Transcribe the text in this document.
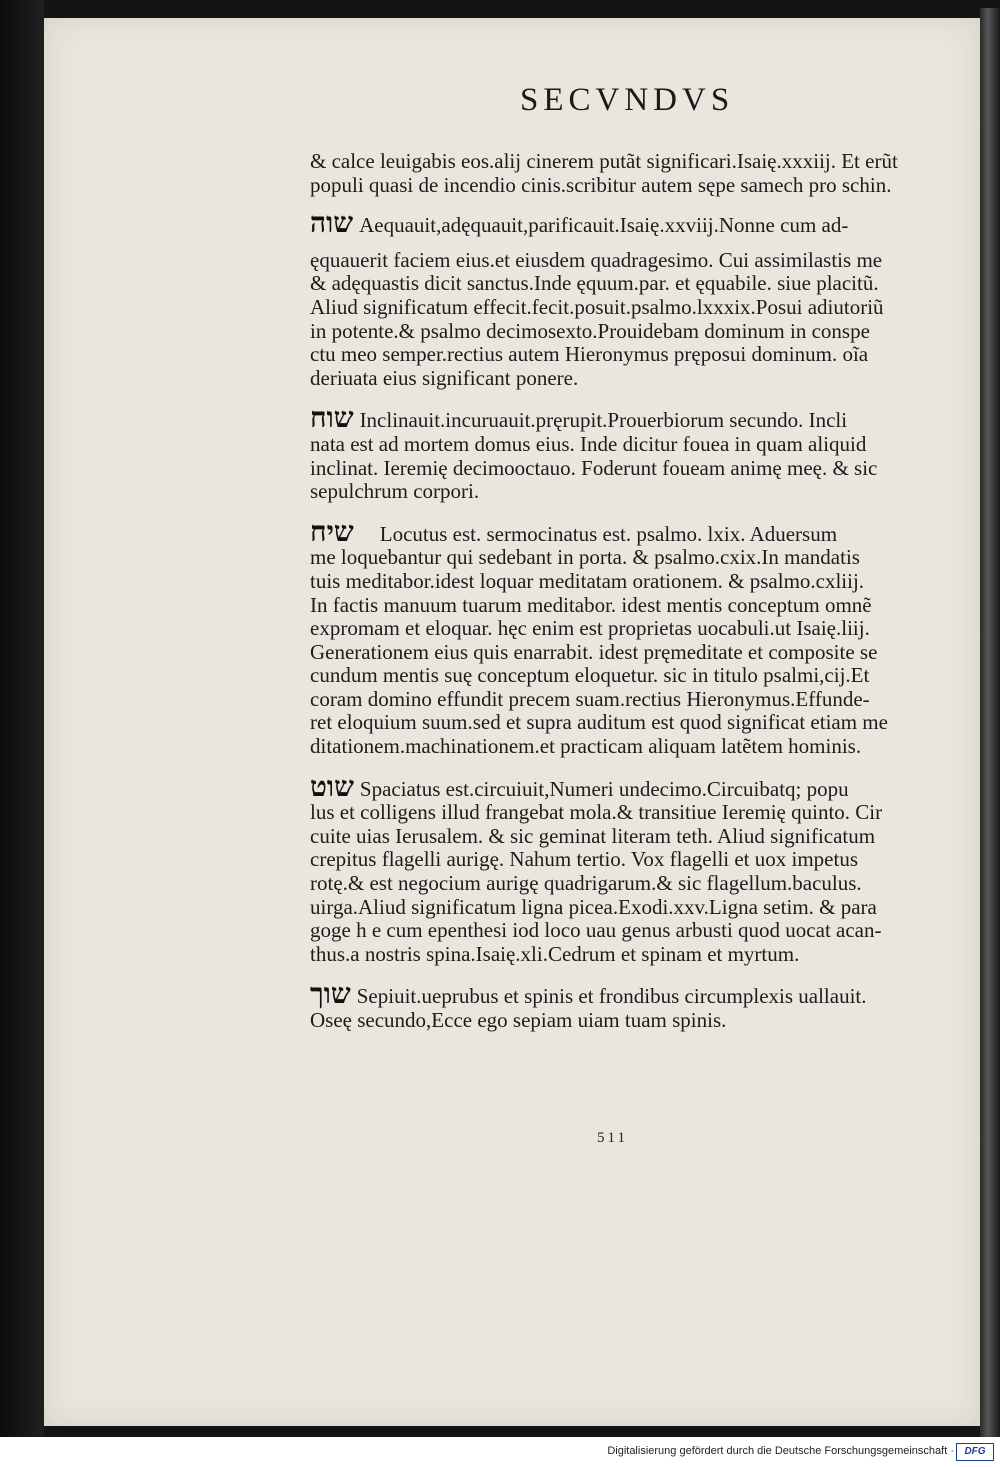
SECVNDVS
& calce leuigabis eos.alij cinerem putãt significari.Isaię.xxxiij. Et erũt
populi quasi de incendio cinis.scribitur autem sępe samech pro schin.
שוה Aequauit,adęquauit,parificauit.Isaię.xxviij.Nonne cum ad-
ęquauerit faciem eius.et eiusdem quadragesimo. Cui assimilastis me
& adęquastis dicit sanctus.Inde ęquum.par. et ęquabile. siue placitũ.
Aliud significatum effecit.fecit.posuit.psalmo.lxxxix.Posui adiutoriũ
in potente.& psalmo decimosexto.Prouidebam dominum in conspe
ctu meo semper.rectius autem Hieronymus pręposui dominum. oĩa
deriuata eius significant ponere.
שוח Inclinauit.incuruauit.pręrupit.Prouerbiorum secundo. Incli
nata est ad mortem domus eius. Inde dicitur fouea in quam aliquid
inclinat. Ieremię decimooctauo. Foderunt foueam animę meę. & sic
sepulchrum corpori.
שיח Locutus est. sermocinatus est. psalmo. lxix. Aduersum
me loquebantur qui sedebant in porta. & psalmo.cxix.In mandatis
tuis meditabor.idest loquar meditatam orationem. & psalmo.cxliij.
In factis manuum tuarum meditabor. idest mentis conceptum omnẽ
expromam et eloquar. hęc enim est proprietas uocabuli.ut Isaię.liij.
Generationem eius quis enarrabit. idest pręmeditate et composite se
cundum mentis suę conceptum eloquetur. sic in titulo psalmi,cij.Et
coram domino effundit precem suam.rectius Hieronymus.Effunde-
ret eloquium suum.sed et supra auditum est quod significat etiam me
ditationem.machinationem.et practicam aliquam latẽtem hominis.
שוט Spaciatus est.circuiuit,Numeri undecimo.Circuibatq; popu
lus et colligens illud frangebat mola.& transitiue Ieremię quinto. Cir
cuite uias Ierusalem. & sic geminat literam teth. Aliud significatum
crepitus flagelli aurigę. Nahum tertio. Vox flagelli et uox impetus
rotę.& est negocium aurigę quadrigarum.& sic flagellum.baculus.
uirga.Aliud significatum ligna picea.Exodi.xxv.Ligna setim. & para
goge h e cum epenthesi iod loco uau genus arbusti quod uocat acan-
thus.a nostris spina.Isaię.xli.Cedrum et spinam et myrtum.
שוך Sepiuit.ueprubus et spinis et frondibus circumplexis uallauit.
Oseę secundo,Ecce ego sepiam uiam tuam spinis.
511
Digitalisierung gefördert durch die Deutsche Forschungsgemeinschaft ·	DFG
